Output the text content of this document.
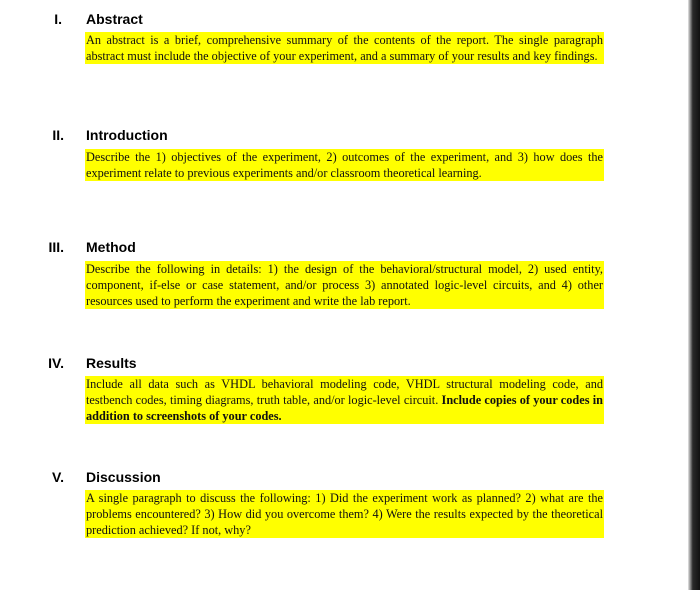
I. Abstract
An abstract is a brief, comprehensive summary of the contents of the report. The single paragraph abstract must include the objective of your experiment, and a summary of your results and key findings.
II. Introduction
Describe the 1) objectives of the experiment, 2) outcomes of the experiment, and 3) how does the experiment relate to previous experiments and/or classroom theoretical learning.
III. Method
Describe the following in details: 1) the design of the behavioral/structural model, 2) used entity, component, if-else or case statement, and/or process 3) annotated logic-level circuits, and 4) other resources used to perform the experiment and write the lab report.
IV. Results
Include all data such as VHDL behavioral modeling code, VHDL structural modeling code, and testbench codes, timing diagrams, truth table, and/or logic-level circuit. Include copies of your codes in addition to screenshots of your codes.
V. Discussion
A single paragraph to discuss the following: 1) Did the experiment work as planned? 2) what are the problems encountered? 3) How did you overcome them? 4) Were the results expected by the theoretical prediction achieved? If not, why?
